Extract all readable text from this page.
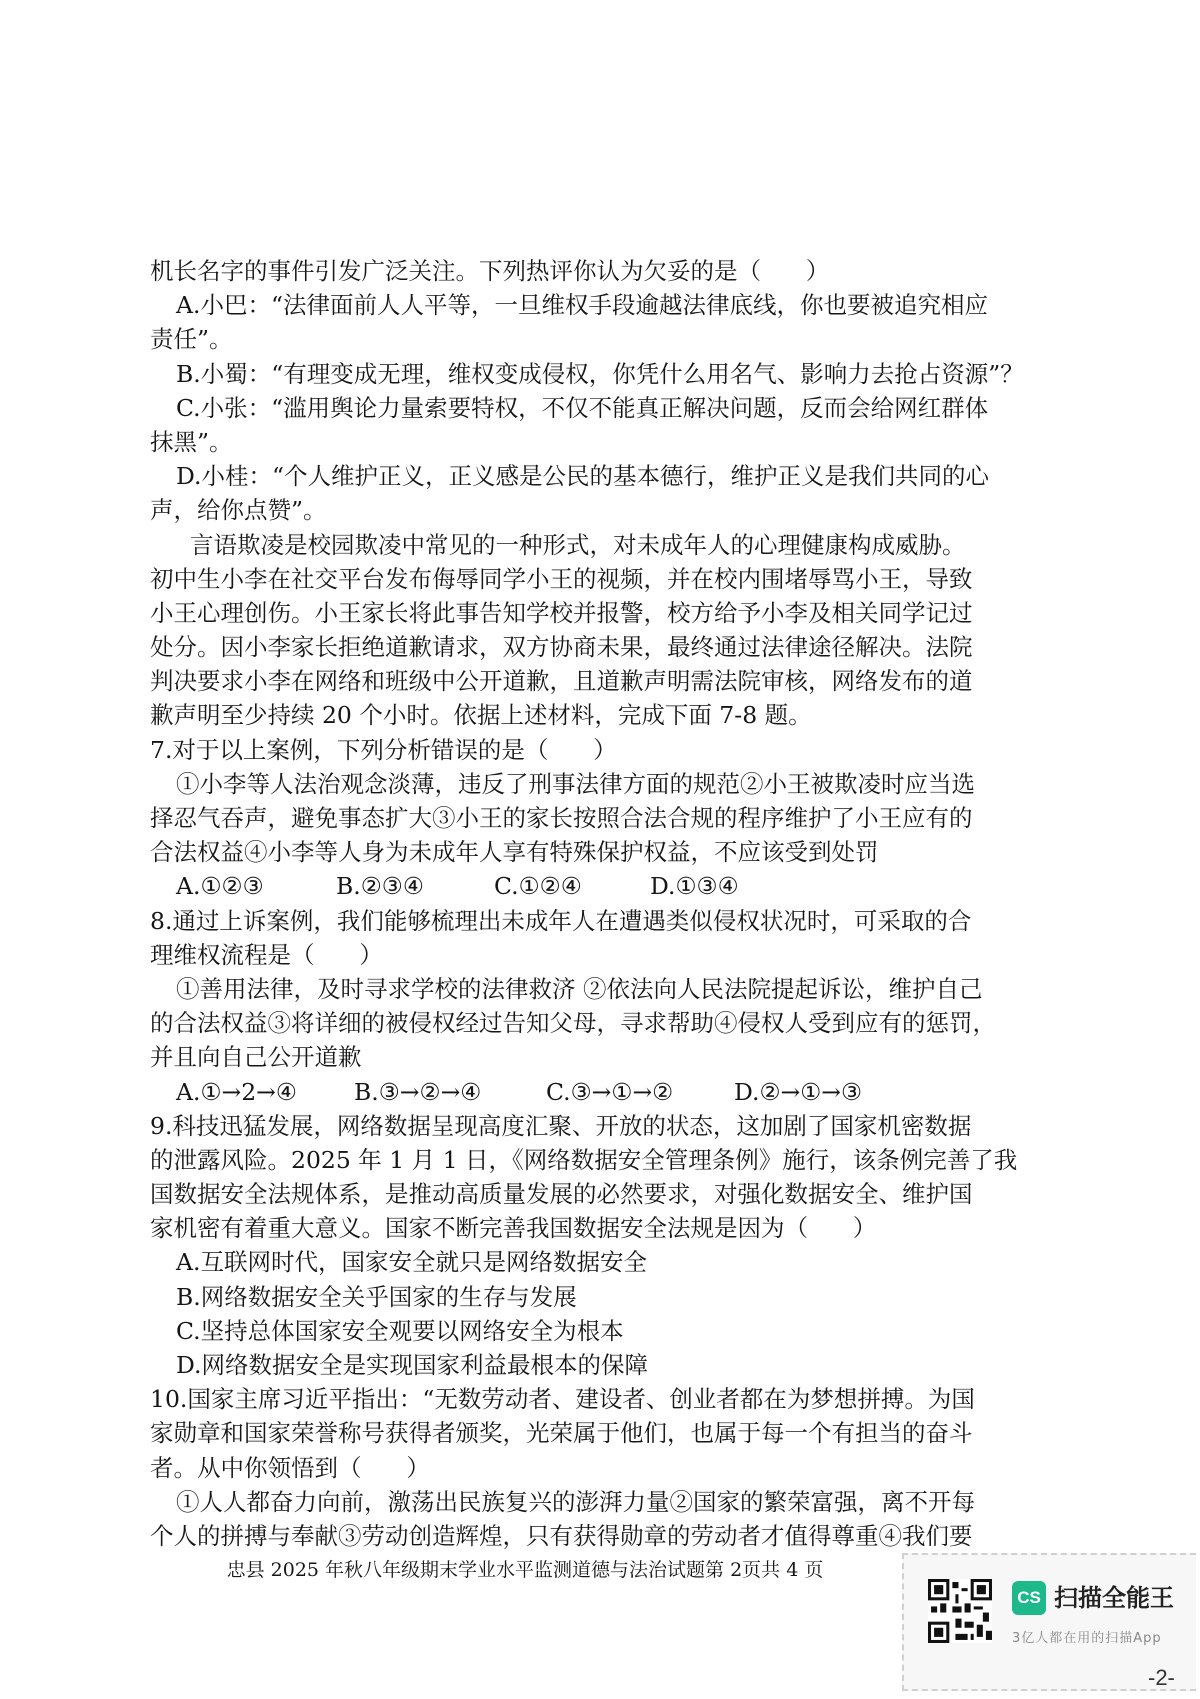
机长名字的事件引发广泛关注。下列热评你认为欠妥的是（      ）
A.小巴：“法律面前人人平等，一旦维权手段逾越法律底线，你也要被追究相应
责任”。
B.小蜀：“有理变成无理，维权变成侵权，你凭什么用名气、影响力去抢占资源”？
C.小张：“滥用舆论力量索要特权，不仅不能真正解决问题，反而会给网红群体
抹黑”。
D.小桂：“个人维护正义，正义感是公民的基本德行，维护正义是我们共同的心
声，给你点赞”。
言语欺凌是校园欺凌中常见的一种形式，对未成年人的心理健康构成威胁。
初中生小李在社交平台发布侮辱同学小王的视频，并在校内围堵辱骂小王，导致
小王心理创伤。小王家长将此事告知学校并报警，校方给予小李及相关同学记过
处分。因小李家长拒绝道歉请求，双方协商未果，最终通过法律途径解决。法院
判决要求小李在网络和班级中公开道歉，且道歉声明需法院审核，网络发布的道
歉声明至少持续 20 个小时。依据上述材料，完成下面 7-8 题。
7.对于以上案例，下列分析错误的是（      ）
①小李等人法治观念淡薄，违反了刑事法律方面的规范②小王被欺凌时应当选
择忍气吞声，避免事态扩大③小王的家长按照合法合规的程序维护了小王应有的
合法权益④小李等人身为未成年人享有特殊保护权益，不应该受到处罚
A.①②③	B.②③④	C.①②④	D.①③④
8.通过上诉案例，我们能够梳理出未成年人在遭遇类似侵权状况时，可采取的合
理维权流程是（      ）
①善用法律，及时寻求学校的法律救济 ②依法向人民法院提起诉讼，维护自己
的合法权益③将详细的被侵权经过告知父母，寻求帮助④侵权人受到应有的惩罚，
并且向自己公开道歉
A.①→2→④	B.③→②→④	C.③→①→②	D.②→①→③
9.科技迅猛发展，网络数据呈现高度汇聚、开放的状态，这加剧了国家机密数据
的泄露风险。2025 年 1 月 1 日，《网络数据安全管理条例》施行，该条例完善了我
国数据安全法规体系，是推动高质量发展的必然要求，对强化数据安全、维护国
家机密有着重大意义。国家不断完善我国数据安全法规是因为（      ）
A.互联网时代，国家安全就只是网络数据安全
B.网络数据安全关乎国家的生存与发展
C.坚持总体国家安全观要以网络安全为根本
D.网络数据安全是实现国家利益最根本的保障
10.国家主席习近平指出：“无数劳动者、建设者、创业者都在为梦想拼搏。为国
家勋章和国家荣誉称号获得者颁奖，光荣属于他们，也属于每一个有担当的奋斗
者。从中你领悟到（      ）
①人人都奋力向前，激荡出民族复兴的澎湃力量②国家的繁荣富强，离不开每
个人的拼搏与奉献③劳动创造辉煌，只有获得勋章的劳动者才值得尊重④我们要
忠县 2025 年秋八年级期末学业水平监测道德与法治试题第 2页共 4 页
CS 扫描全能王
3亿人都在用的扫描App
-2-
